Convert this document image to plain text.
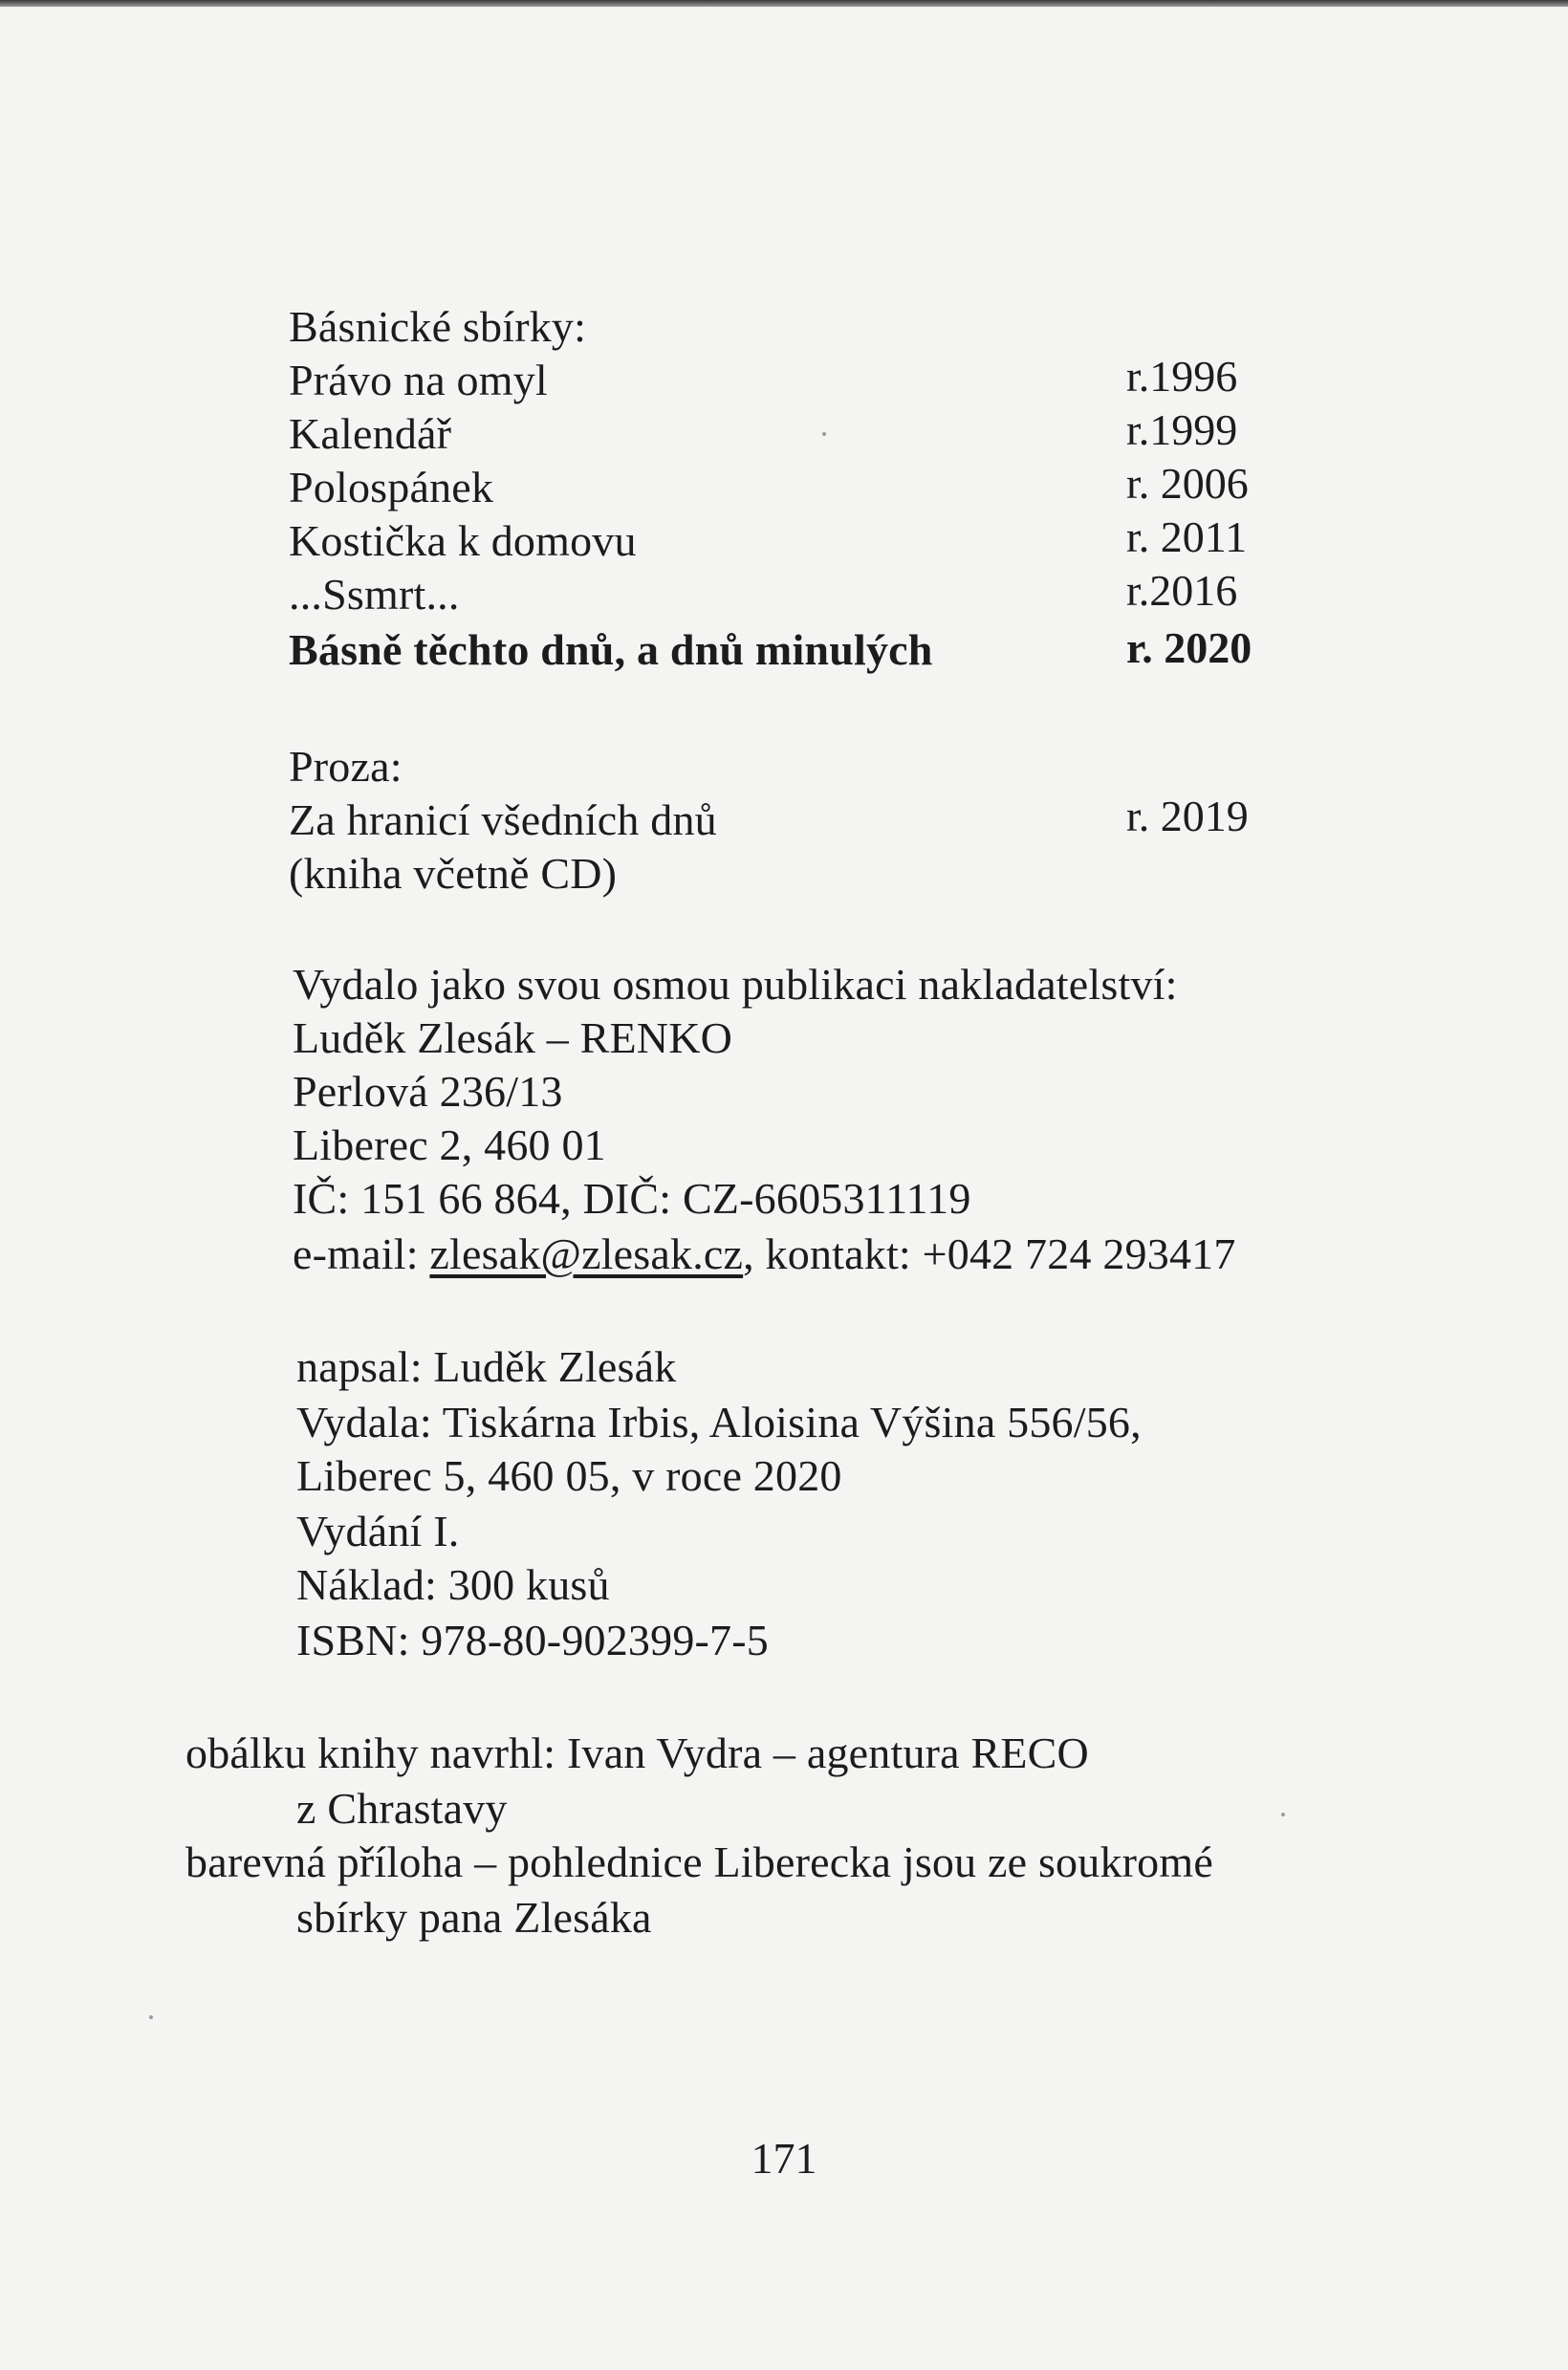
Básnické sbírky:
Právo na omyl	r.1996
Kalendář	r.1999
Polospánek	r. 2006
Kostička k domovu	r. 2011
...Ssmrt...	r.2016
Básně těchto dnů, a dnů minulých	r. 2020
Proza:
Za hranicí všedních dnů	r. 2019
(kniha včetně CD)
Vydalo jako svou osmou publikaci nakladatelství:
Luděk Zlesák – RENKO
Perlová 236/13
Liberec 2, 460 01
IČ: 151 66 864, DIČ: CZ-6605311119
e-mail: zlesak@zlesak.cz, kontakt: +042 724 293417
napsal: Luděk Zlesák
Vydala: Tiskárna Irbis, Aloisina Výšina 556/56,
Liberec 5, 460 05, v roce 2020
Vydání I.
Náklad: 300 kusů
ISBN: 978-80-902399-7-5
obálku knihy navrhl: Ivan Vydra – agentura RECO
z Chrastavy
barevná příloha – pohlednice Liberecka jsou ze soukromé
sbírky pana Zlesáka
171
